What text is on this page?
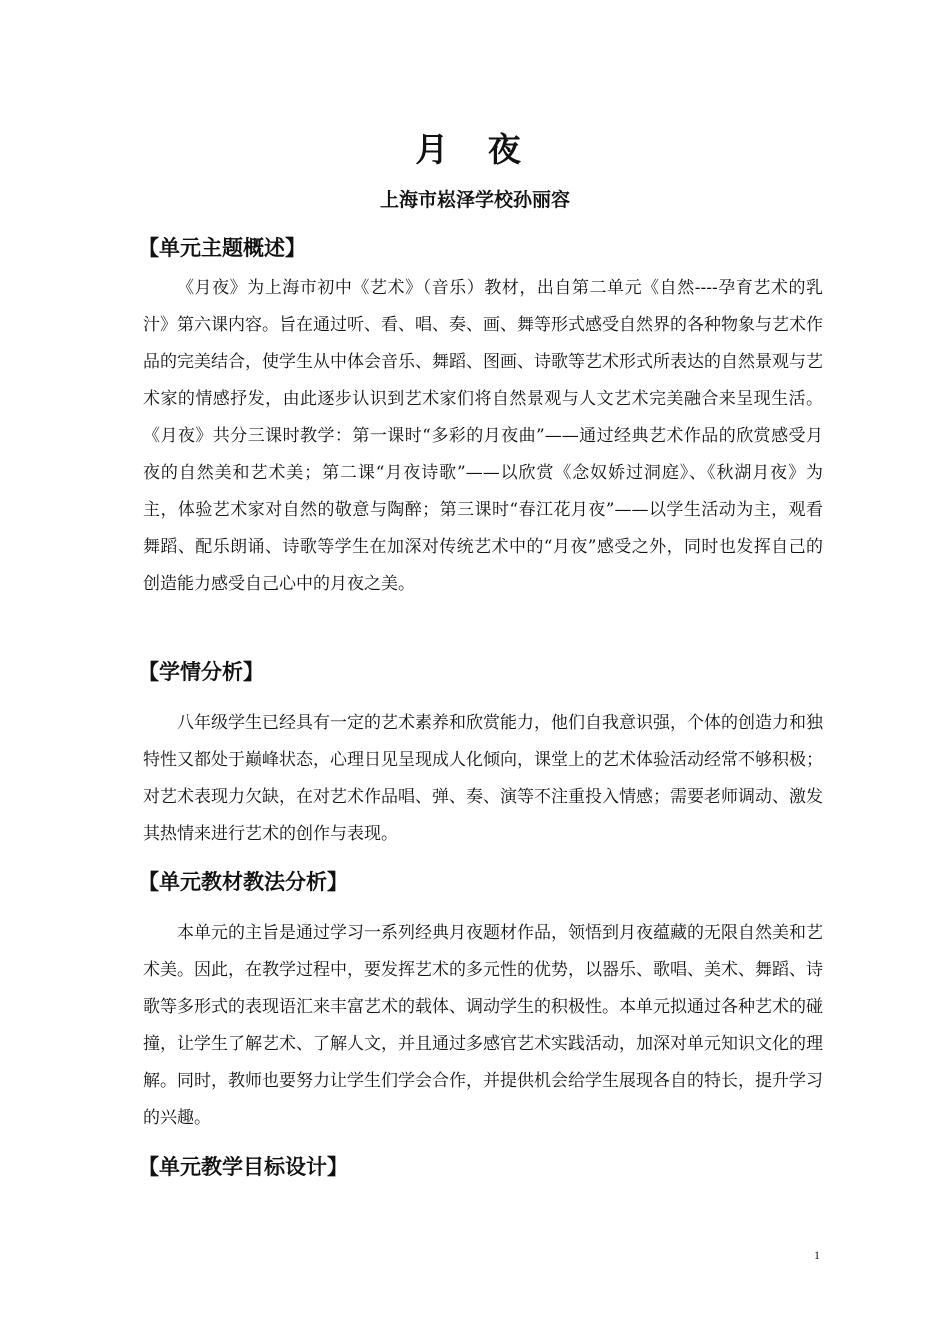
月 夜
上海市崧泽学校孙丽容
【单元主题概述】

《月夜》为上海市初中《艺术》（音乐）教材，出自第二单元《自然----孕育艺术的乳汁》第六课内容。旨在通过听、看、唱、奏、画、舞等形式感受自然界的各种物象与艺术作品的完美结合，使学生从中体会音乐、舞蹈、图画、诗歌等艺术形式所表达的自然景观与艺术家的情感抒发，由此逐步认识到艺术家们将自然景观与人文艺术完美融合来呈现生活。《月夜》共分三课时教学：第一课时“多彩的月夜曲”——通过经典艺术作品的欣赏感受月夜的自然美和艺术美；第二课“月夜诗歌”——以欣赏《念奴娇过洞庭》、《秋湖月夜》为主，体验艺术家对自然的敬意与陶醉；第三课时“春江花月夜”——以学生活动为主，观看舞蹈、配乐朗诵、诗歌等学生在加深对传统艺术中的“月夜”感受之外，同时也发挥自己的创造能力感受自己心中的月夜之美。

【学情分析】

八年级学生已经具有一定的艺术素养和欣赏能力，他们自我意识强，个体的创造力和独特性又都处于巅峰状态，心理日见呈现成人化倾向，课堂上的艺术体验活动经常不够积极；对艺术表现力欠缺，在对艺术作品唱、弹、奏、演等不注重投入情感；需要老师调动、激发其热情来进行艺术的创作与表现。

【单元教材教法分析】

本单元的主旨是通过学习一系列经典月夜题材作品，领悟到月夜蕴藏的无限自然美和艺术美。因此，在教学过程中，要发挥艺术的多元性的优势，以器乐、歌唱、美术、舞蹈、诗歌等多形式的表现语汇来丰富艺术的载体、调动学生的积极性。本单元拟通过各种艺术的碰撞，让学生了解艺术、了解人文，并且通过多感官艺术实践活动，加深对单元知识文化的理解。同时，教师也要努力让学生们学会合作，并提供机会给学生展现各自的特长，提升学习的兴趣。

【单元教学目标设计】
1
